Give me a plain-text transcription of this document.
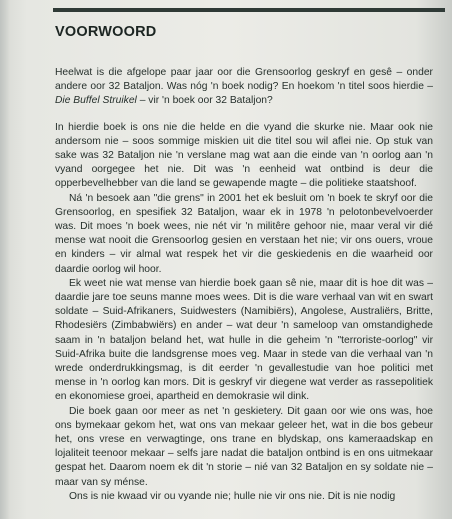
VOORWOORD

Heelwat is die afgelope paar jaar oor die Grensoorlog geskryf en gesê – onder andere oor 32 Bataljon. Was nóg 'n boek nodig? En hoekom 'n titel soos hierdie – Die Buffel Struikel – vir 'n boek oor 32 Bataljon?

In hierdie boek is ons nie die helde en die vyand die skurke nie. Maar ook nie andersom nie – soos sommige miskien uit die titel sou wil aflei nie. Op stuk van sake was 32 Bataljon nie 'n verslane mag wat aan die einde van 'n oorlog aan 'n vyand oorgegee het nie. Dit was 'n eenheid wat ontbind is deur die opperbevelhebber van die land se gewapende magte – die politieke staatshoof.

Ná 'n besoek aan "die grens" in 2001 het ek besluit om 'n boek te skryf oor die Grensoorlog, en spesifiek 32 Bataljon, waar ek in 1978 'n pelotonbevelvoerder was. Dit moes 'n boek wees, nie nét vir 'n militêre gehoor nie, maar veral vir dié mense wat nooit die Grensoorlog gesien en verstaan het nie; vir ons ouers, vroue en kinders – vir almal wat respek het vir die geskiedenis en die waarheid oor daardie oorlog wil hoor.

Ek weet nie wat mense van hierdie boek gaan sê nie, maar dit is hoe dit was – daardie jare toe seuns manne moes wees. Dit is die ware verhaal van wit en swart soldate – Suid-Afrikaners, Suidwesters (Namibiërs), Angolese, Australiërs, Britte, Rhodesiërs (Zimbabwiërs) en ander – wat deur 'n sameloop van omstandighede saam in 'n bataljon beland het, wat hulle in die geheim 'n "terroriste-oorlog" vir Suid-Afrika buite die landsgrense moes veg. Maar in stede van die verhaal van 'n wrede onderdrukkingsmag, is dit eerder 'n gevallestudie van hoe politici met mense in 'n oorlog kan mors. Dit is geskryf vir diegene wat verder as rassepolitiek en ekonomiese groei, apartheid en demokrasie wil dink.

Die boek gaan oor meer as net 'n geskietery. Dit gaan oor wie ons was, hoe ons bymekaar gekom het, wat ons van mekaar geleer het, wat in die bos gebeur het, ons vrese en verwagtinge, ons trane en blydskap, ons kameraadskap en lojaliteit teenoor mekaar – selfs jare nadat die bataljon ontbind is en ons uitmekaar gespat het. Daarom noem ek dit 'n storie – nié van 32 Bataljon en sy soldate nie – maar van sy ménse.

Ons is nie kwaad vir ou vyande nie; hulle nie vir ons nie. Dit is nie nodig
